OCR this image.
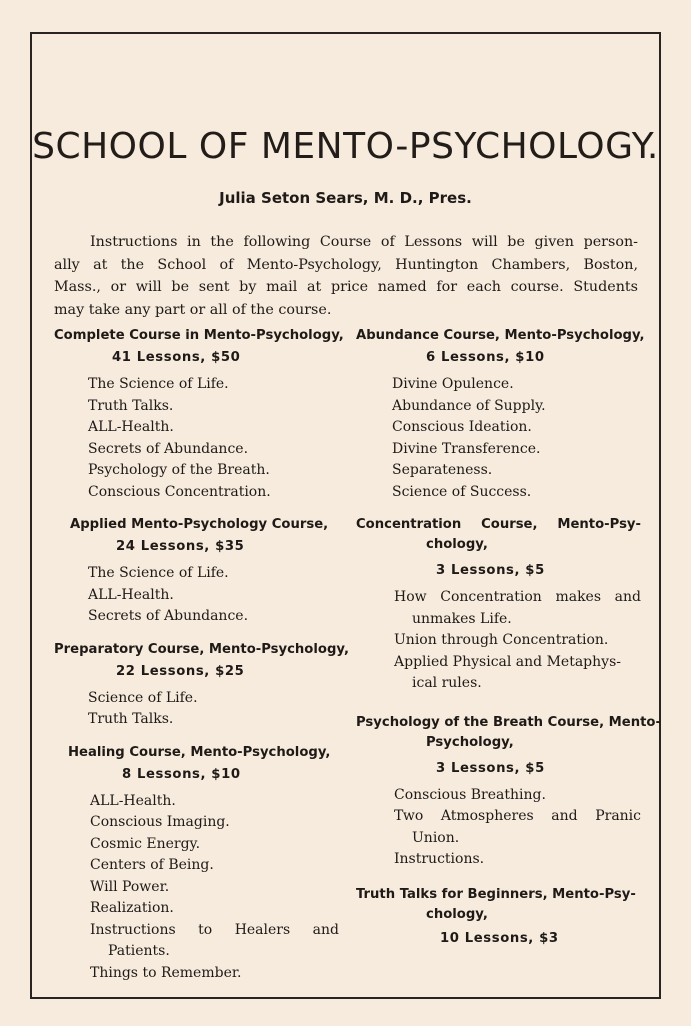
SCHOOL OF MENTO-PSYCHOLOGY.
Julia Seton Sears, M. D., Pres.
Instructions in the following Course of Lessons will be given person-
ally at the School of Mento-Psychology, Huntington Chambers, Boston,
Mass., or will be sent by mail at price named for each course. Students
may take any part or all of the course.
Complete Course in Mento-Psychology,
41 Lessons, $50
The Science of Life.
Truth Talks.
ALL-Health.
Secrets of Abundance.
Psychology of the Breath.
Conscious Concentration.
Applied Mento-Psychology Course,
24 Lessons, $35
The Science of Life.
ALL-Health.
Secrets of Abundance.
Preparatory Course, Mento-Psychology,
22 Lessons, $25
Science of Life.
Truth Talks.
Healing Course, Mento-Psychology,
8 Lessons, $10
ALL-Health.
Conscious Imaging.
Cosmic Energy.
Centers of Being.
Will Power.
Realization.
Instructions to Healers and
Patients.
Things to Remember.
Abundance Course, Mento-Psychology,
6 Lessons, $10
Divine Opulence.
Abundance of Supply.
Conscious Ideation.
Divine Transference.
Separateness.
Science of Success.
Concentration Course, Mento-Psy-
chology,
3 Lessons, $5
How Concentration makes and
unmakes Life.
Union through Concentration.
Applied Physical and Metaphys-
ical rules.
Psychology of the Breath Course, Mento-
Psychology,
3 Lessons, $5
Conscious Breathing.
Two Atmospheres and Pranic
Union.
Instructions.
Truth Talks for Beginners, Mento-Psy-
chology,
10 Lessons, $3
